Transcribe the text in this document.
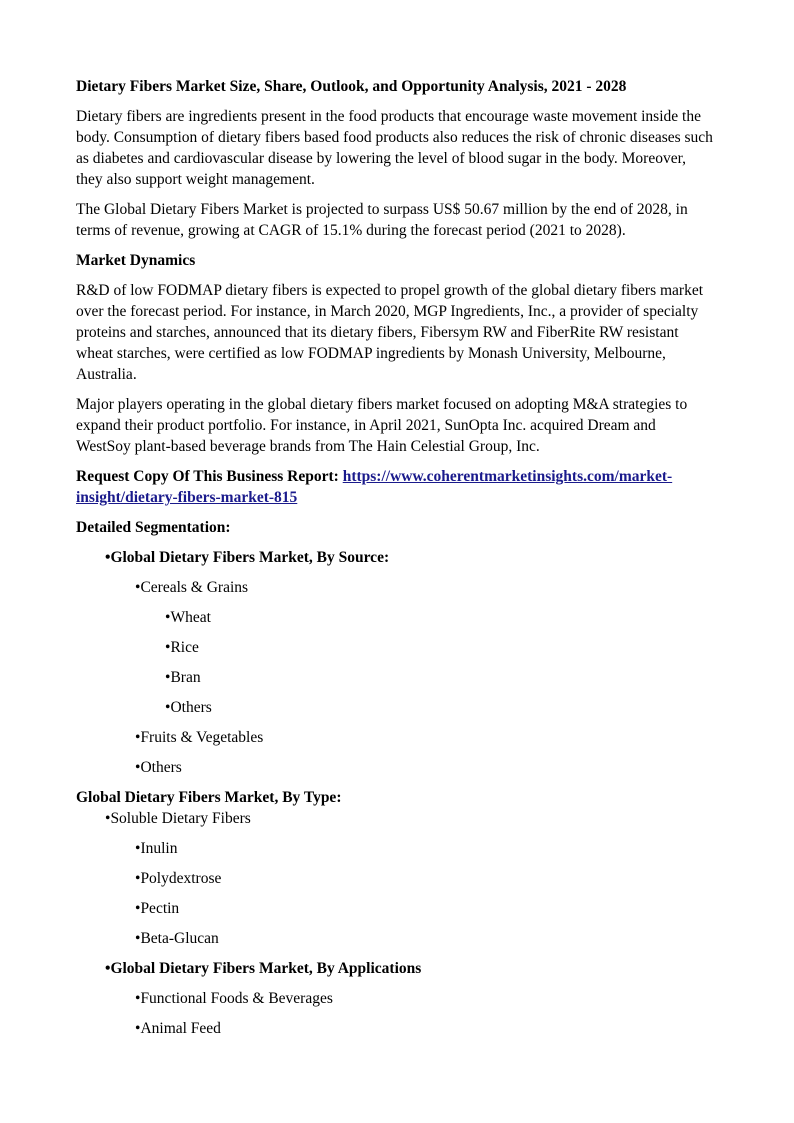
Dietary Fibers Market Size, Share, Outlook, and Opportunity Analysis, 2021 - 2028

Dietary fibers are ingredients present in the food products that encourage waste movement inside the body. Consumption of dietary fibers based food products also reduces the risk of chronic diseases such as diabetes and cardiovascular disease by lowering the level of blood sugar in the body. Moreover, they also support weight management.

The Global Dietary Fibers Market is projected to surpass US$ 50.67 million by the end of 2028, in terms of revenue, growing at CAGR of 15.1% during the forecast period (2021 to 2028).

Market Dynamics

R&D of low FODMAP dietary fibers is expected to propel growth of the global dietary fibers market over the forecast period. For instance, in March 2020, MGP Ingredients, Inc., a provider of specialty proteins and starches, announced that its dietary fibers, Fibersym RW and FiberRite RW resistant wheat starches, were certified as low FODMAP ingredients by Monash University, Melbourne, Australia.

Major players operating in the global dietary fibers market focused on adopting M&A strategies to expand their product portfolio. For instance, in April 2021, SunOpta Inc. acquired Dream and WestSoy plant-based beverage brands from The Hain Celestial Group, Inc.

Request Copy Of This Business Report: https://www.coherentmarketinsights.com/market-insight/dietary-fibers-market-815

Detailed Segmentation:

•Global Dietary Fibers Market, By Source:

•Cereals & Grains

•Wheat

•Rice

•Bran

•Others

•Fruits & Vegetables

•Others

Global Dietary Fibers Market, By Type:

•Soluble Dietary Fibers

•Inulin

•Polydextrose

•Pectin

•Beta-Glucan

•Global Dietary Fibers Market, By Applications

•Functional Foods & Beverages

•Animal Feed
